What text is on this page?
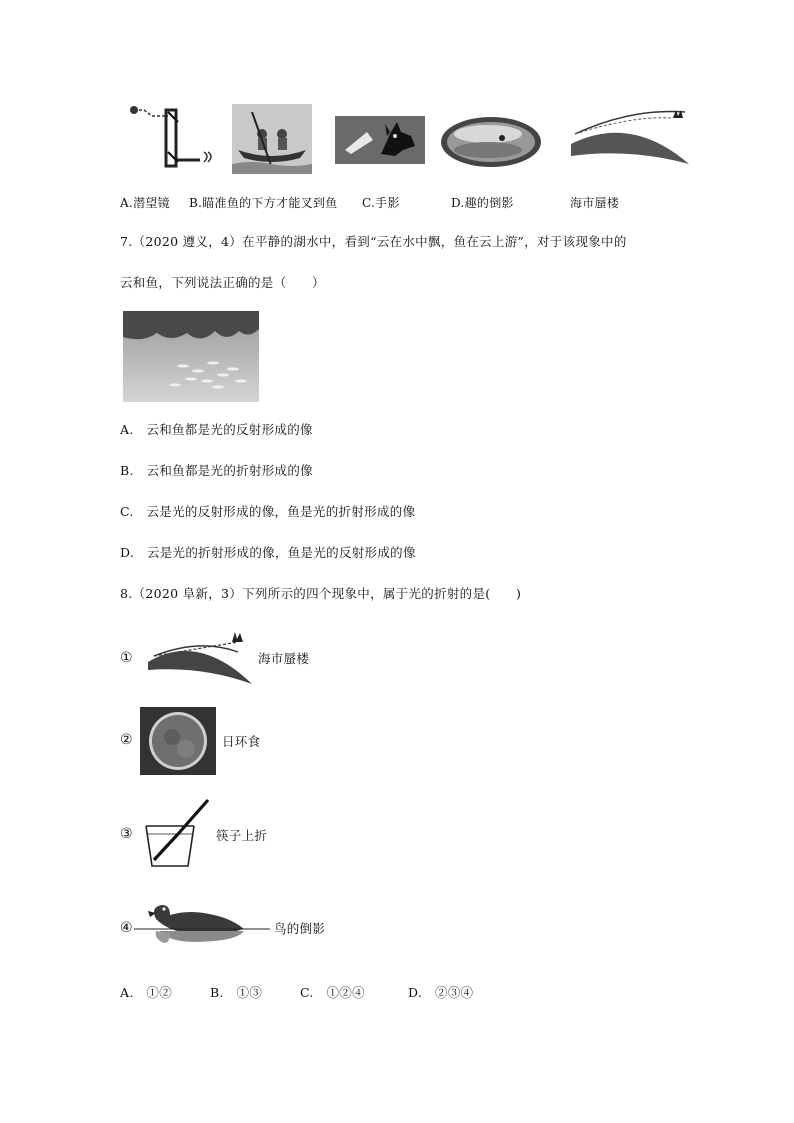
A.潜望镜 B.瞄准鱼的下方才能叉到鱼 C.手影	D.趣的倒影	海市蜃楼
7.（2020 遵义，4）在平静的湖水中，看到“云在水中飘，鱼在云上游”，对于该现象中的
云和鱼，下列说法正确的是（　　）
A.　云和鱼都是光的反射形成的像
B.　云和鱼都是光的折射形成的像
C.　云是光的反射形成的像，鱼是光的折射形成的像
D.　云是光的折射形成的像，鱼是光的反射形成的像
8.（2020 阜新，3）下列所示的四个现象中，属于光的折射的是(　　)
①	海市蜃楼
②	日环食
③	筷子上折
④	鸟的倒影
A.　①②	B.　①③	C.　①②④	D.　②③④
